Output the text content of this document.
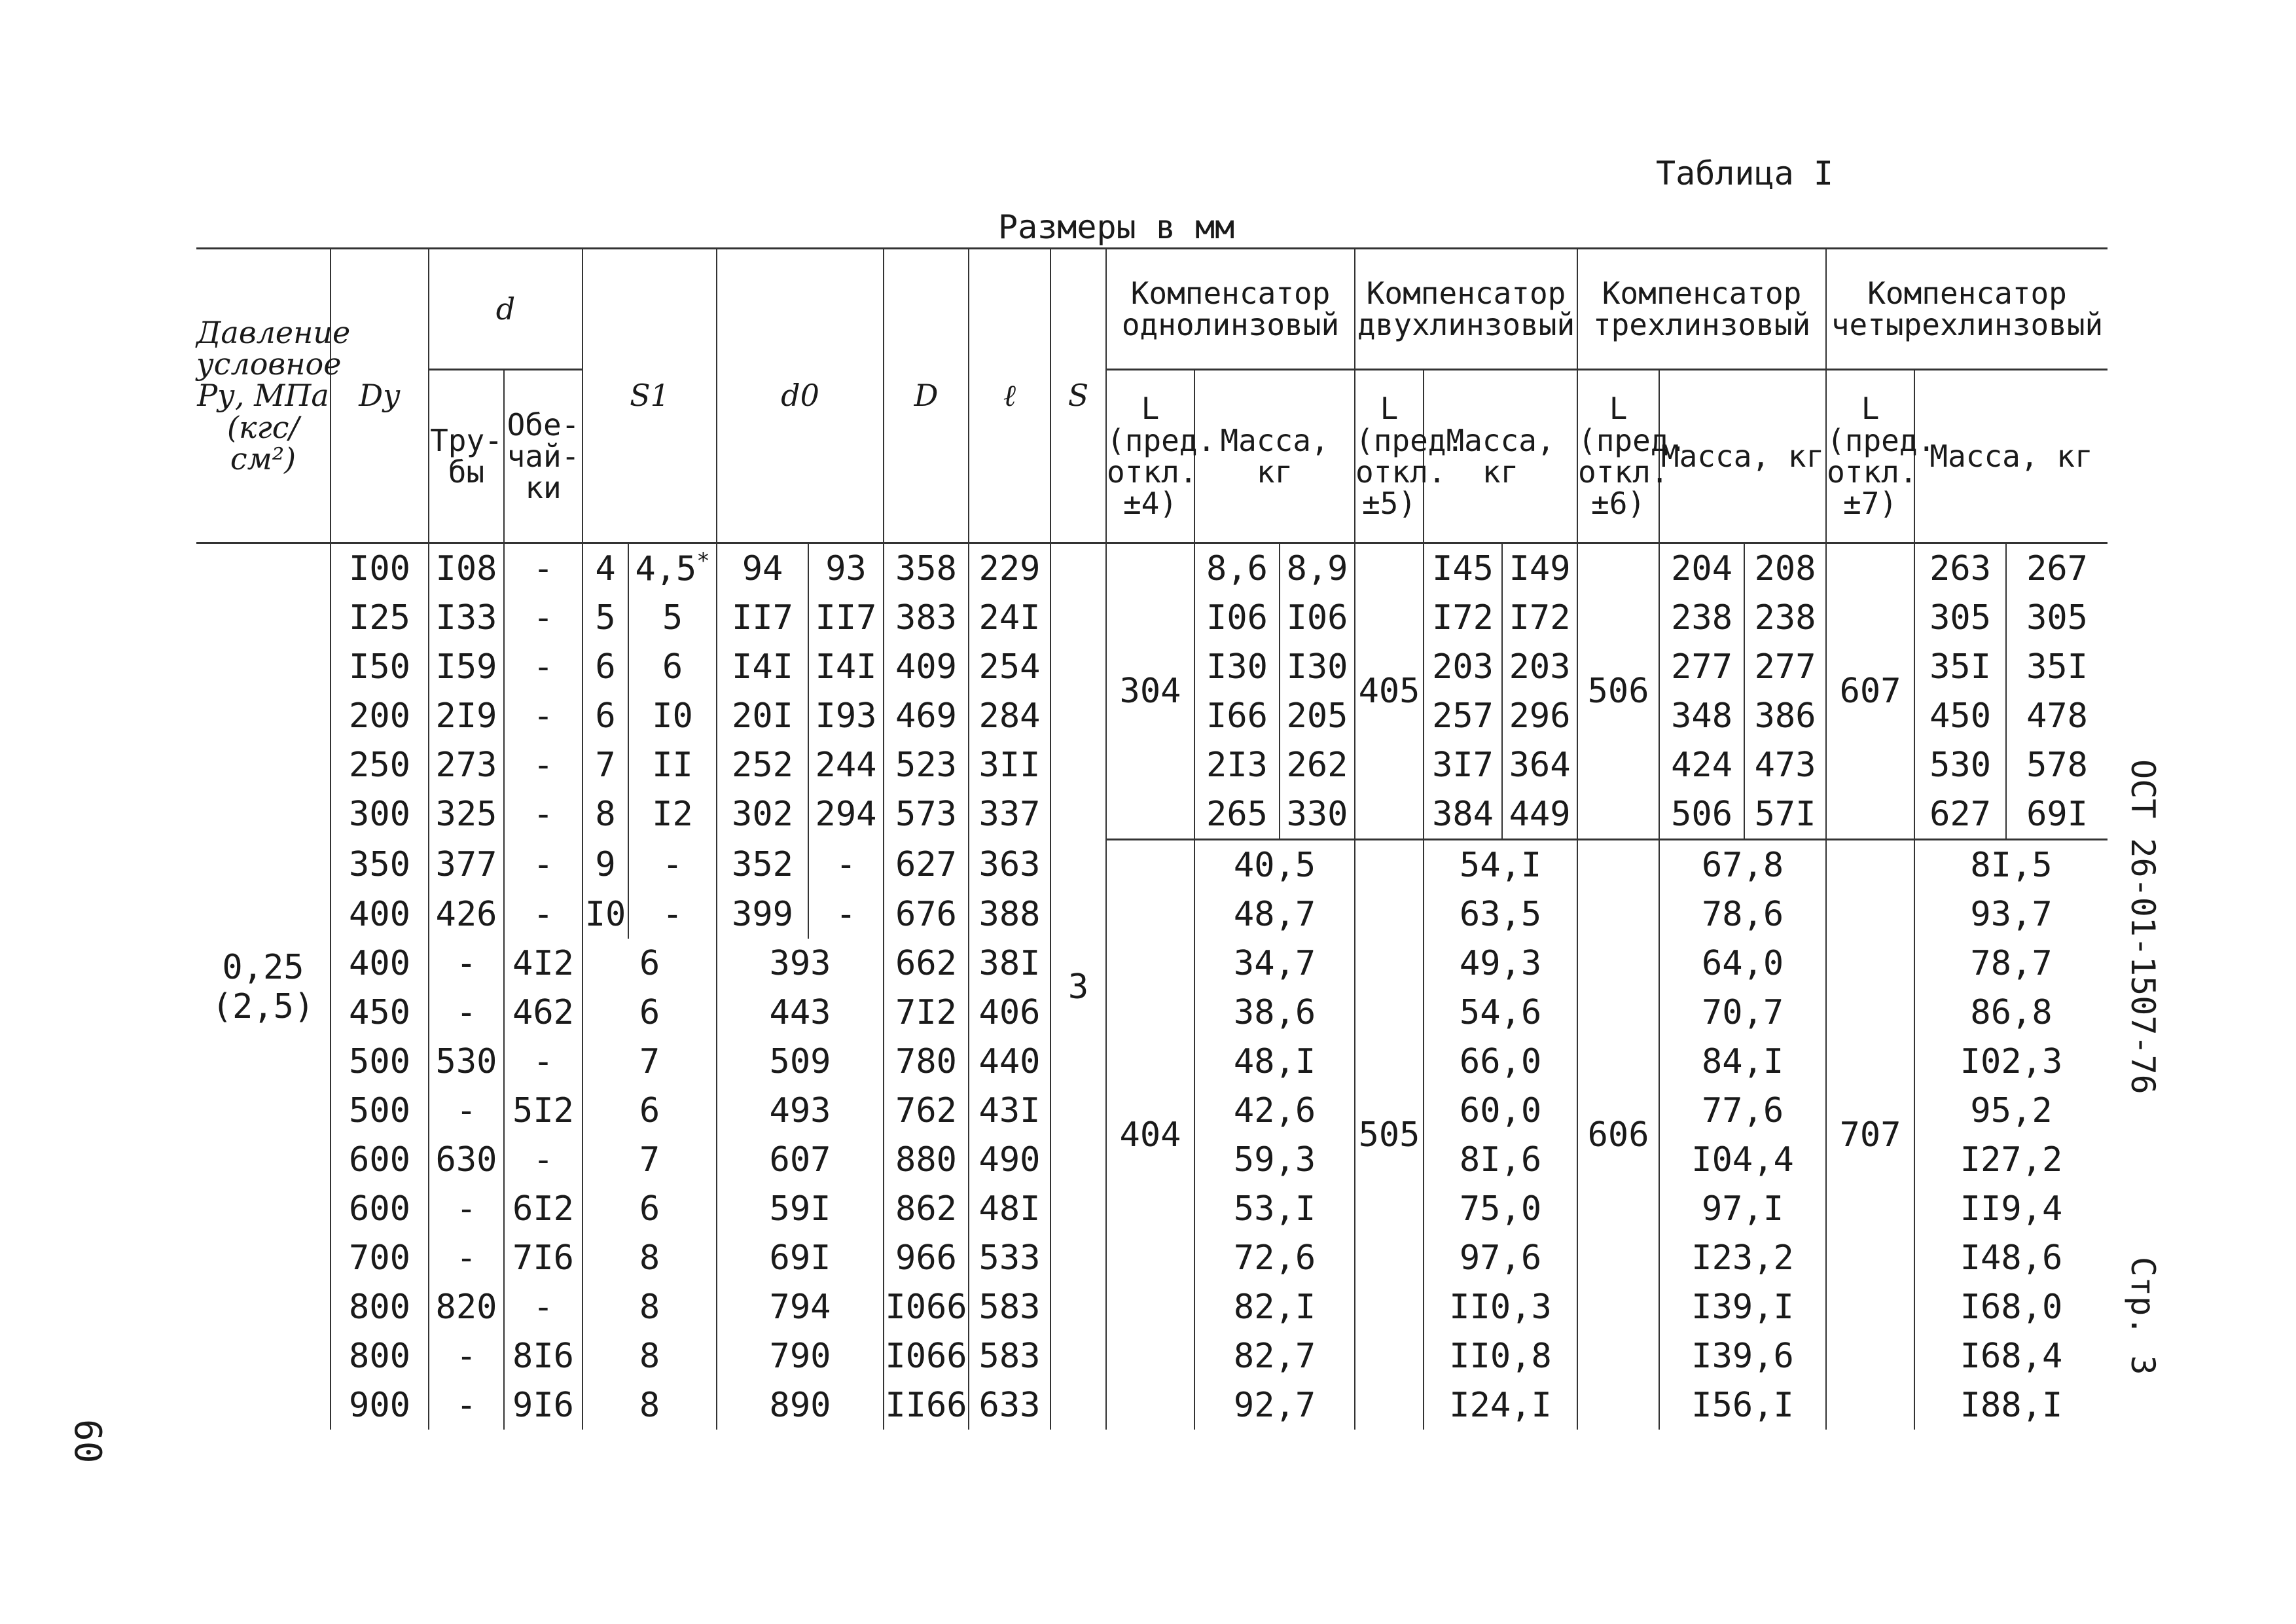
Таблица I
Размеры в мм
ОСТ 26-01-1507-76
Стр. 3
60
Давление условное Pу, МПа (кгс/см²)	Dу	d		S1		d0		D	ℓ	S	Компенсатор однолинзовый			Компенсатор двухлинзовый			Компенсатор трехлинзовый			Компенсатор четырехлинзовый		
		Тру- бы	Обе- чай- ки								L (пред. откл. ±4)	Масса, кг		L (пред. откл. ±5)	Масса, кг		L (пред. откл. ±6)	Масса, кг		L (пред. откл. ±7)	Масса, кг	

0,25 (2,5)	I00	I08	-	4	4,5*	94	93	358	229	3	304	8,6	8,9	405	I45	I49	506	204	208	607	263	267
	I25	I33	-	5	5	II7	II7	383	24I			I06	I06		I72	I72		238	238		305	305
	I50	I59	-	6	6	I4I	I4I	409	254			I30	I30		203	203		277	277		35I	35I
	200	2I9	-	6	I0	20I	I93	469	284			I66	205		257	296		348	386		450	478
	250	273	-	7	II	252	244	523	3II			2I3	262		3I7	364		424	473		530	578
	300	325	-	8	I2	302	294	573	337			265	330		384	449		506	57I		627	69I
	350	377	-	9	-	352	-	627	363		404	40,5		505	54,I		606	67,8		707	8I,5	
	400	426	-	I0	-	399	-	676	388			48,7			63,5			78,6			93,7	
	400	-	4I2	6		393		662	38I			34,7			49,3			64,0			78,7	
	450	-	462	6		443		7I2	406			38,6			54,6			70,7			86,8	
	500	530	-	7		509		780	440			48,I			66,0			84,I			I02,3	
	500	-	5I2	6		493		762	43I			42,6			60,0			77,6			95,2	
	600	630	-	7		607		880	490			59,3			8I,6			I04,4			I27,2	
	600	-	6I2	6		59I		862	48I			53,I			75,0			97,I			II9,4	
	700	-	7I6	8		69I		966	533			72,6			97,6			I23,2			I48,6	
	800	820	-	8		794		I066	583			82,I			II0,3			I39,I			I68,0	
	800	-	8I6	8		790		I066	583			82,7			II0,8			I39,6			I68,4	
	900	-	9I6	8		890		II66	633			92,7			I24,I			I56,I			I88,I	
